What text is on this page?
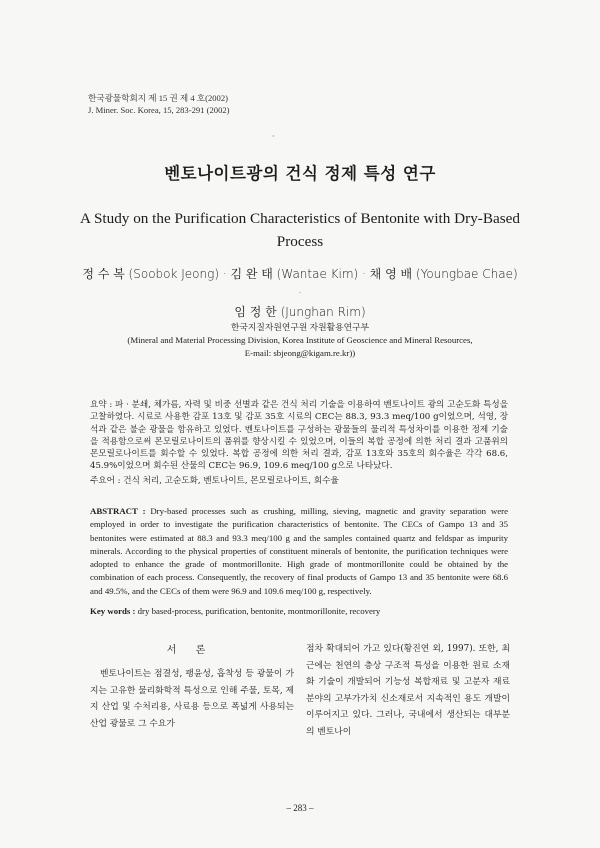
한국광물학회지 제 15 권 제 4 호(2002)
J. Miner. Soc. Korea, 15, 283-291 (2002)
·
벤토나이트광의 건식 정제 특성 연구
A Study on the Purification Characteristics of Bentonite with Dry-Based Process
정 수 복 (Soobok Jeong) · 김 완 태 (Wantae Kim) · 채 영 배 (Youngbae Chae) ·
임 정 한 (Junghan Rim)
한국지질자원연구원 자원활용연구부
(Mineral and Material Processing Division, Korea Institute of Geoscience and Mineral Resources,
E-mail: sbjeong@kigam.re.kr))
요약 : 파 · 분쇄, 체가름, 자력 및 비중 선별과 같은 건식 처리 기술을 이용하여 벤토나이트 광의 고순도화 특성을 고찰하였다. 시료로 사용한 감포 13호 및 감포 35호 시료의 CEC는 88.3, 93.3 meq/100 g이었으며, 석영, 장석과 같은 불순 광물을 함유하고 있었다. 벤토나이트를 구성하는 광물들의 물리적 특성차이를 이용한 정제 기술을 적용함으로써 몬모릴로나이트의 품위를 향상시킬 수 있었으며, 이들의 복합 공정에 의한 처리 결과 고품위의 몬모릴로나이트를 회수할 수 있었다. 복합 공정에 의한 처리 결과, 감포 13호와 35호의 회수율은 각각 68.6, 45.9%이었으며 회수된 산물의 CEC는 96.9, 109.6 meq/100 g으로 나타났다.
주요어 : 건식 처리, 고순도화, 벤토나이트, 몬모릴로나이트, 회수율
ABSTRACT : Dry-based processes such as crushing, milling, sieving, magnetic and gravity separation were employed in order to investigate the purification characteristics of bentonite. The CECs of Gampo 13 and 35 bentonites were estimated at 88.3 and 93.3 meq/100 g and the samples contained quartz and feldspar as impurity minerals. According to the physical properties of constituent minerals of bentonite, the purification techniques were adopted to enhance the grade of montmorillonite. High grade of montmorillonite could be obtained by the combination of each process. Consequently, the recovery of final products of Gampo 13 and 35 bentonite were 68.6 and 49.5%, and the CECs of them were 96.9 and 109.6 meq/100 g, respectively.
Key words : dry based-process, purification, bentonite, montmorillonite, recovery
서 론
벤토나이트는 점결성, 팽윤성, 흡착성 등 광물이 가지는 고유한 물리화학적 특성으로 인해 주물, 토목, 제지 산업 및 수처리용, 사료용 등으로 폭넓게 사용되는 산업 광물로 그 수요가
점차 확대되어 가고 있다(황진연 외, 1997). 또한, 최근에는 천연의 층상 구조적 특성을 이용한 원료 소재화 기술이 개발되어 기능성 복합재료 및 고분자 재료 분야의 고부가가치 신소재로서 지속적인 용도 개발이 이루어지고 있다. 그러나, 국내에서 생산되는 대부분의 벤토나이
– 283 –
